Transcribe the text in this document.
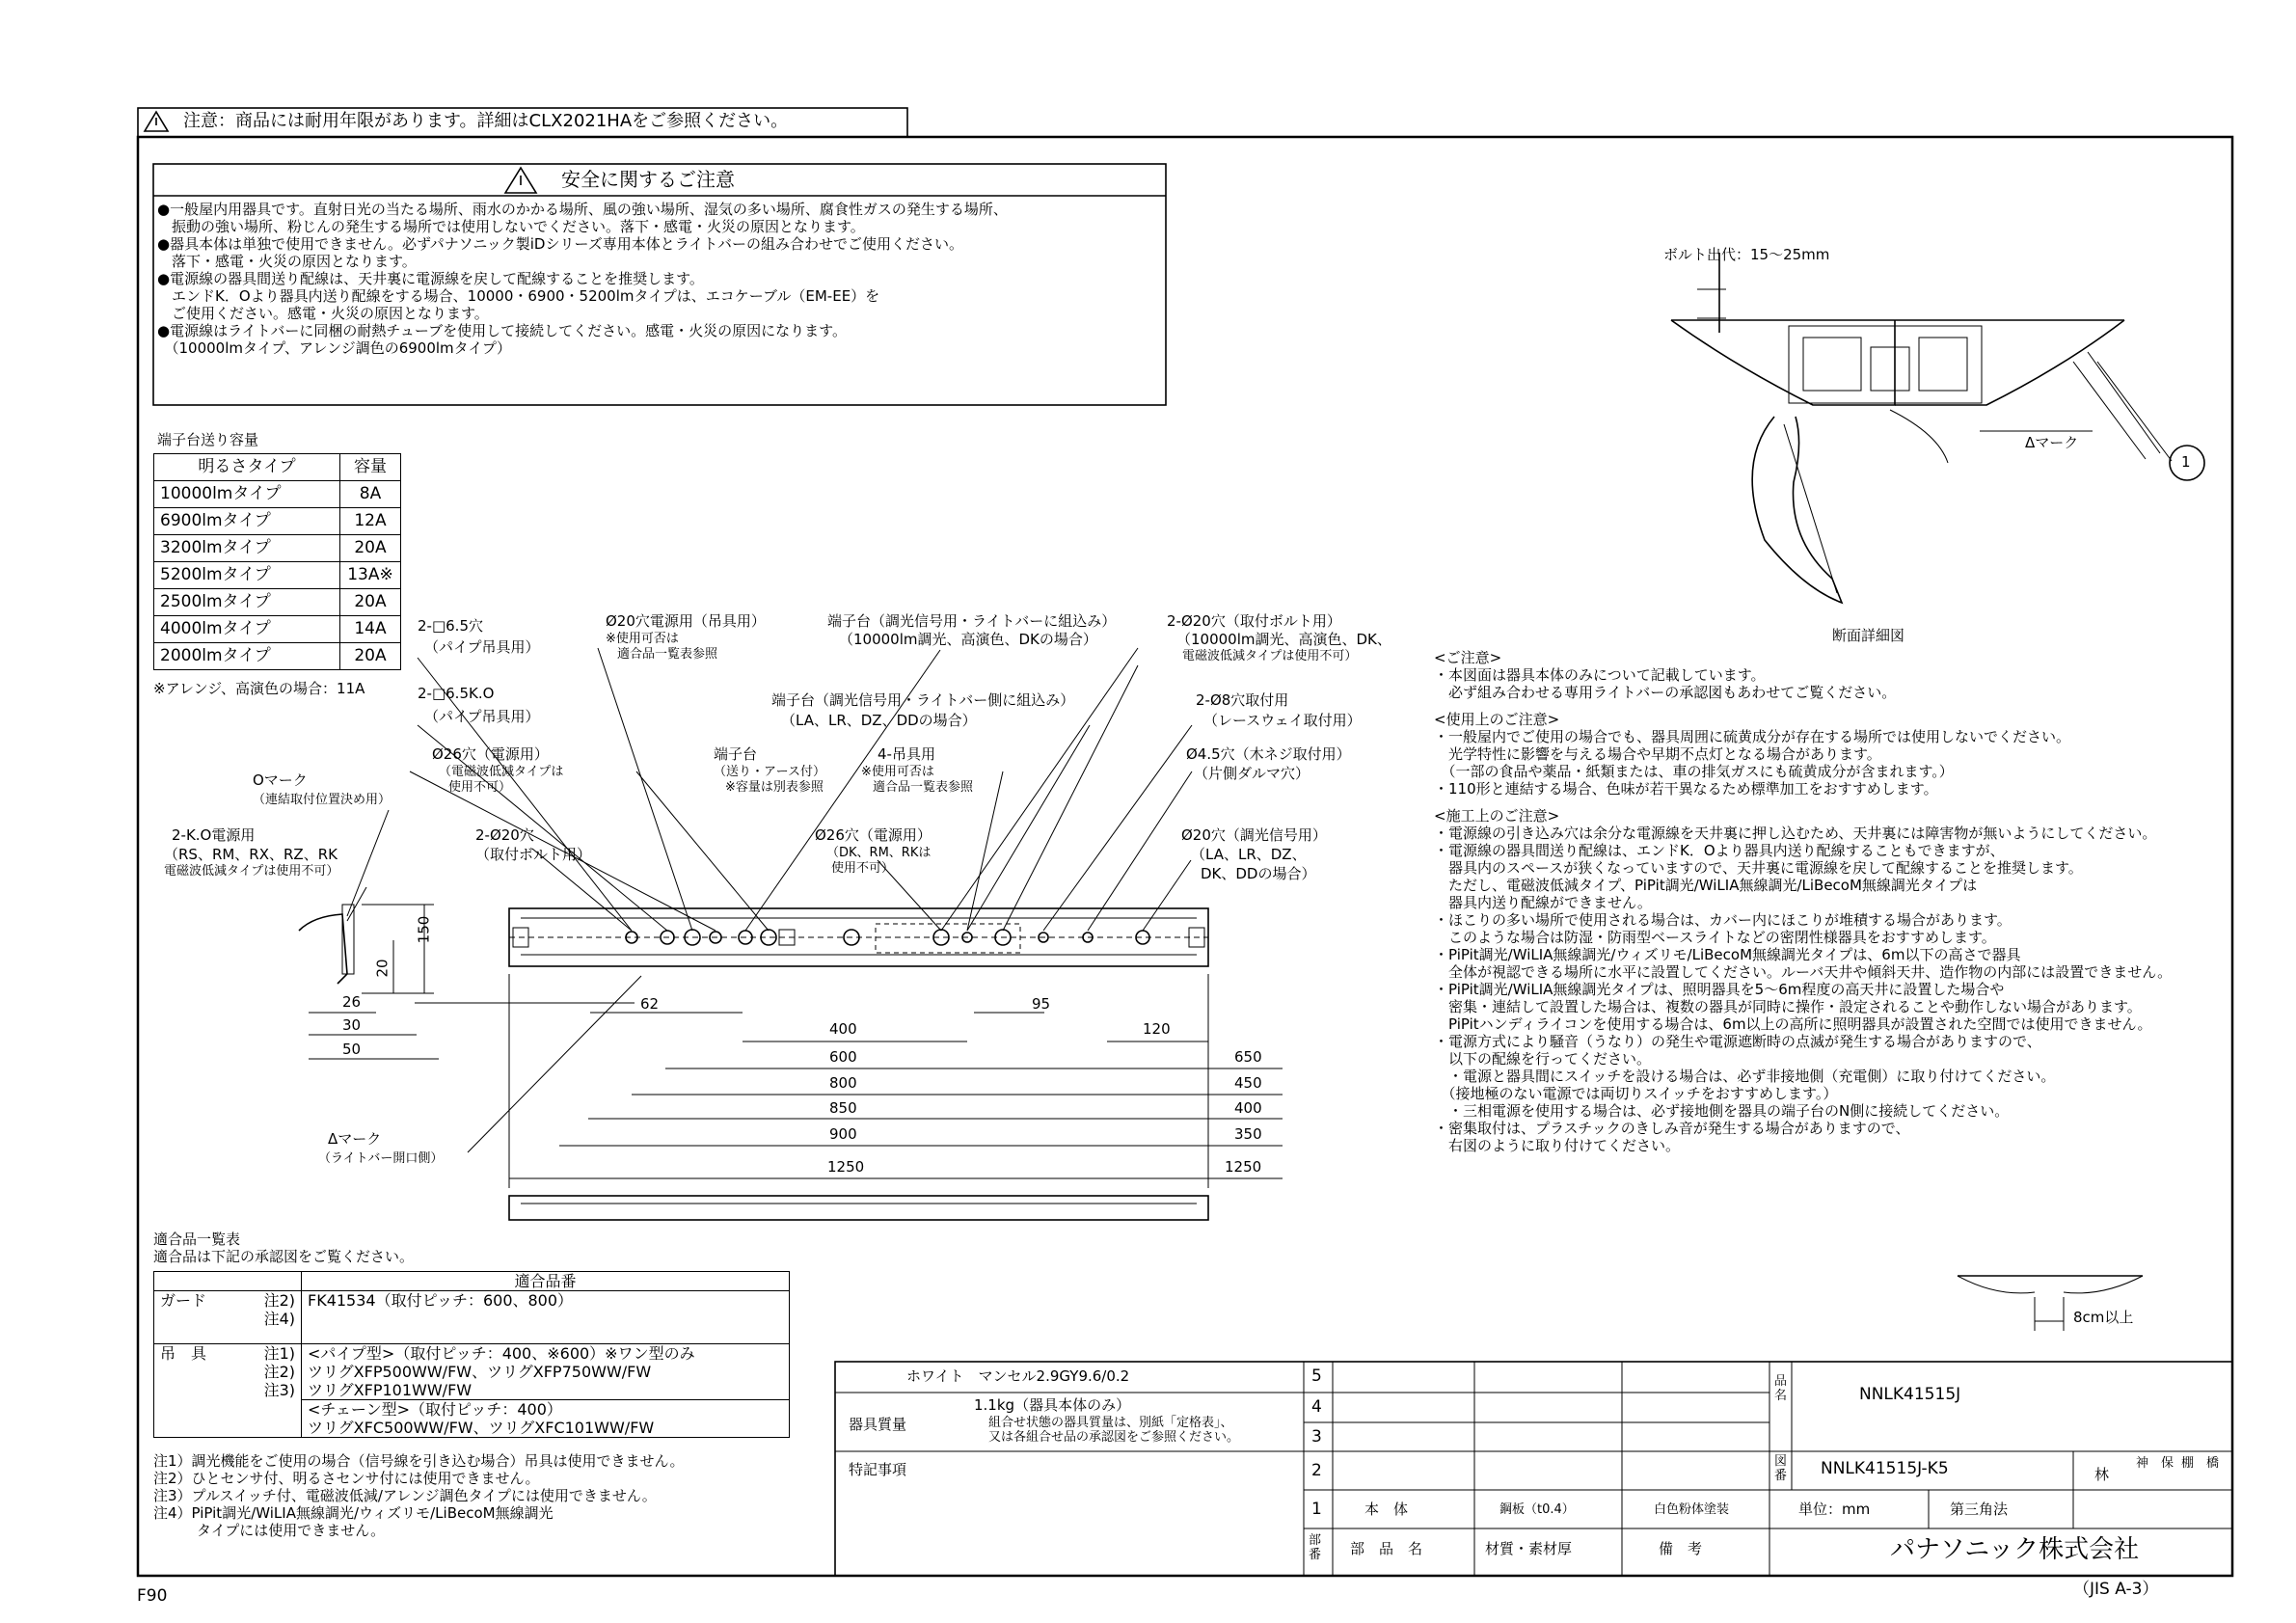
注意：商品には耐用年限があります。詳細はCLX2021HAをご参照ください。
安全に関するご注意
●一般屋内用器具です。直射日光の当たる場所、雨水のかかる場所、風の強い場所、湿気の多い場所、腐食性ガスの発生する場所、
　振動の強い場所、粉じんの発生する場所では使用しないでください。落下・感電・火災の原因となります。
●器具本体は単独で使用できません。必ずパナソニック製iDシリーズ専用本体とライトバーの組み合わせでご使用ください。
　落下・感電・火災の原因となります。
●電源線の器具間送り配線は、天井裏に電源線を戻して配線することを推奨します。
　エンドK．Oより器具内送り配線をする場合、10000・6900・5200lmタイプは、エコケーブル（EM-EE）を
　ご使用ください。感電・火災の原因となります。
●電源線はライトバーに同梱の耐熱チューブを使用して接続してください。感電・火災の原因になります。
　（10000lmタイプ、アレンジ調色の6900lmタイプ）
端子台送り容量
明るさタイプ	容量
10000lmタイプ	8A
6900lmタイプ	12A
3200lmタイプ	20A
5200lmタイプ	13A※
2500lmタイプ	20A
4000lmタイプ	14A
2000lmタイプ	20A
※アレンジ、高演色の場合：11A
ボルト出代：15～25mm
Δマーク
1
断面詳細図
<ご注意>
・本図面は器具本体のみについて記載しています。
　必ず組み合わせる専用ライトバーの承認図もあわせてご覧ください。
<使用上のご注意>
・一般屋内でご使用の場合でも、器具周囲に硫黄成分が存在する場所では使用しないでください。
　光学特性に影響を与える場合や早期不点灯となる場合があります。
　（一部の食品や薬品・紙類または、車の排気ガスにも硫黄成分が含まれます。）
・110形と連結する場合、色味が若干異なるため標準加工をおすすめします。
<施工上のご注意>
・電源線の引き込み穴は余分な電源線を天井裏に押し込むため、天井裏には障害物が無いようにしてください。
・電源線の器具間送り配線は、エンドK．Oより器具内送り配線することもできますが、
　器具内のスペースが狭くなっていますので、天井裏に電源線を戻して配線することを推奨します。
　ただし、電磁波低減タイプ、PiPit調光/WiLIA無線調光/LiBecoM無線調光タイプは
　器具内送り配線ができません。
・ほこりの多い場所で使用される場合は、カバー内にほこりが堆積する場合があります。
　このような場合は防湿・防雨型ベースライトなどの密閉性様器具をおすすめします。
・PiPit調光/WiLIA無線調光/ウィズリモ/LiBecoM無線調光タイプは、6m以下の高さで器具
　全体が視認できる場所に水平に設置してください。ルーバ天井や傾斜天井、造作物の内部には設置できません。
・PiPit調光/WiLIA無線調光タイプは、照明器具を5～6m程度の高天井に設置した場合や
　密集・連結して設置した場合は、複数の器具が同時に操作・設定されることや動作しない場合があります。
　PiPitハンディライコンを使用する場合は、6m以上の高所に照明器具が設置された空間では使用できません。
・電源方式により騒音（うなり）の発生や電源遮断時の点滅が発生する場合がありますので、
　以下の配線を行ってください。
　・電源と器具間にスイッチを設ける場合は、必ず非接地側（充電側）に取り付けてください。
　（接地極のない電源では両切りスイッチをおすすめします。）
　・三相電源を使用する場合は、必ず接地側を器具の端子台のN側に接続してください。
・密集取付は、プラスチックのきしみ音が発生する場合がありますので、
　右図のように取り付けてください。
8cm以上
2-□6.5穴
（パイプ吊具用）
2-□6.5K.O
（パイプ吊具用）
Ø20穴電源用（吊具用）
※使用可否は
適合品一覧表参照
端子台（調光信号用・ライトバーに組込み）
（10000lm調光、高演色、DKの場合）
2-Ø20穴（取付ボルト用）
（10000lm調光、高演色、DK、
電磁波低減タイプは使用不可）
端子台（調光信号用・ライトバー側に組込み）
（LA、LR、DZ、DDの場合）
2-Ø8穴取付用
（レースウェイ取付用）
Ø26穴（電源用）
（電磁波低減タイプは
使用不可）
端子台
（送り・アース付）
※容量は別表参照
4-吊具用
※使用可否は
適合品一覧表参照
Ø4.5穴（木ネジ取付用）
（片側ダルマ穴）
Oマーク
（連結取付位置決め用）
2-K.O電源用
（RS、RM、RX、RZ、RK
電磁波低減タイプは使用不可）
2-Ø20穴
（取付ボルト用）
Ø26穴（電源用）
（DK、RM、RKは
使用不可）
Ø20穴（調光信号用）
（LA、LR、DZ、
DK、DDの場合）
Δマーク
（ライトバー開口側）
150
20
26
30
50
62	95
120
400
600
800
850
900
1250
650
450
400
350
1250
適合品一覧表
適合品は下記の承認図をご覧ください。
	適合品番
ガード 注2)
注4)	FK41534（取付ピッチ：600、800）
吊　具 注1)
注2)
注3)	<パイプ型>（取付ピッチ：400、※600）※ワン型のみ
ツリグXFP500WW/FW、ツリグXFP750WW/FW
ツリグXFP101WW/FW
	<チェーン型>（取付ピッチ：400）
ツリグXFC500WW/FW、ツリグXFC101WW/FW
注1）調光機能をご使用の場合（信号線を引き込む場合）吊具は使用できません。
注2）ひとセンサ付、明るさセンサ付には使用できません。
注3）プルスイッチ付、電磁波低減/アレンジ調色タイプには使用できません。
注4）PiPit調光/WiLIA無線調光/ウィズリモ/LiBecoM無線調光
　　　タイプには使用できません。
ホワイト　マンセル2.9GY9.6/0.2
器具質量
1.1kg（器具本体のみ）
組合せ状態の器具質量は、別紙「定格表」、
又は各組合せ品の承認図をご参照ください。
特記事項
5
4
3
2
1	本　体	鋼板（t0.4）	白色粉体塗装
部番	部　品　名	材質・素材厚	備　考
品名	NNLK41515J
図番 NNLK41515J-K5
単位：mm	第三角法
林
神　保 棚　橋
パナソニック株式会社
F90	（JIS A-3）
